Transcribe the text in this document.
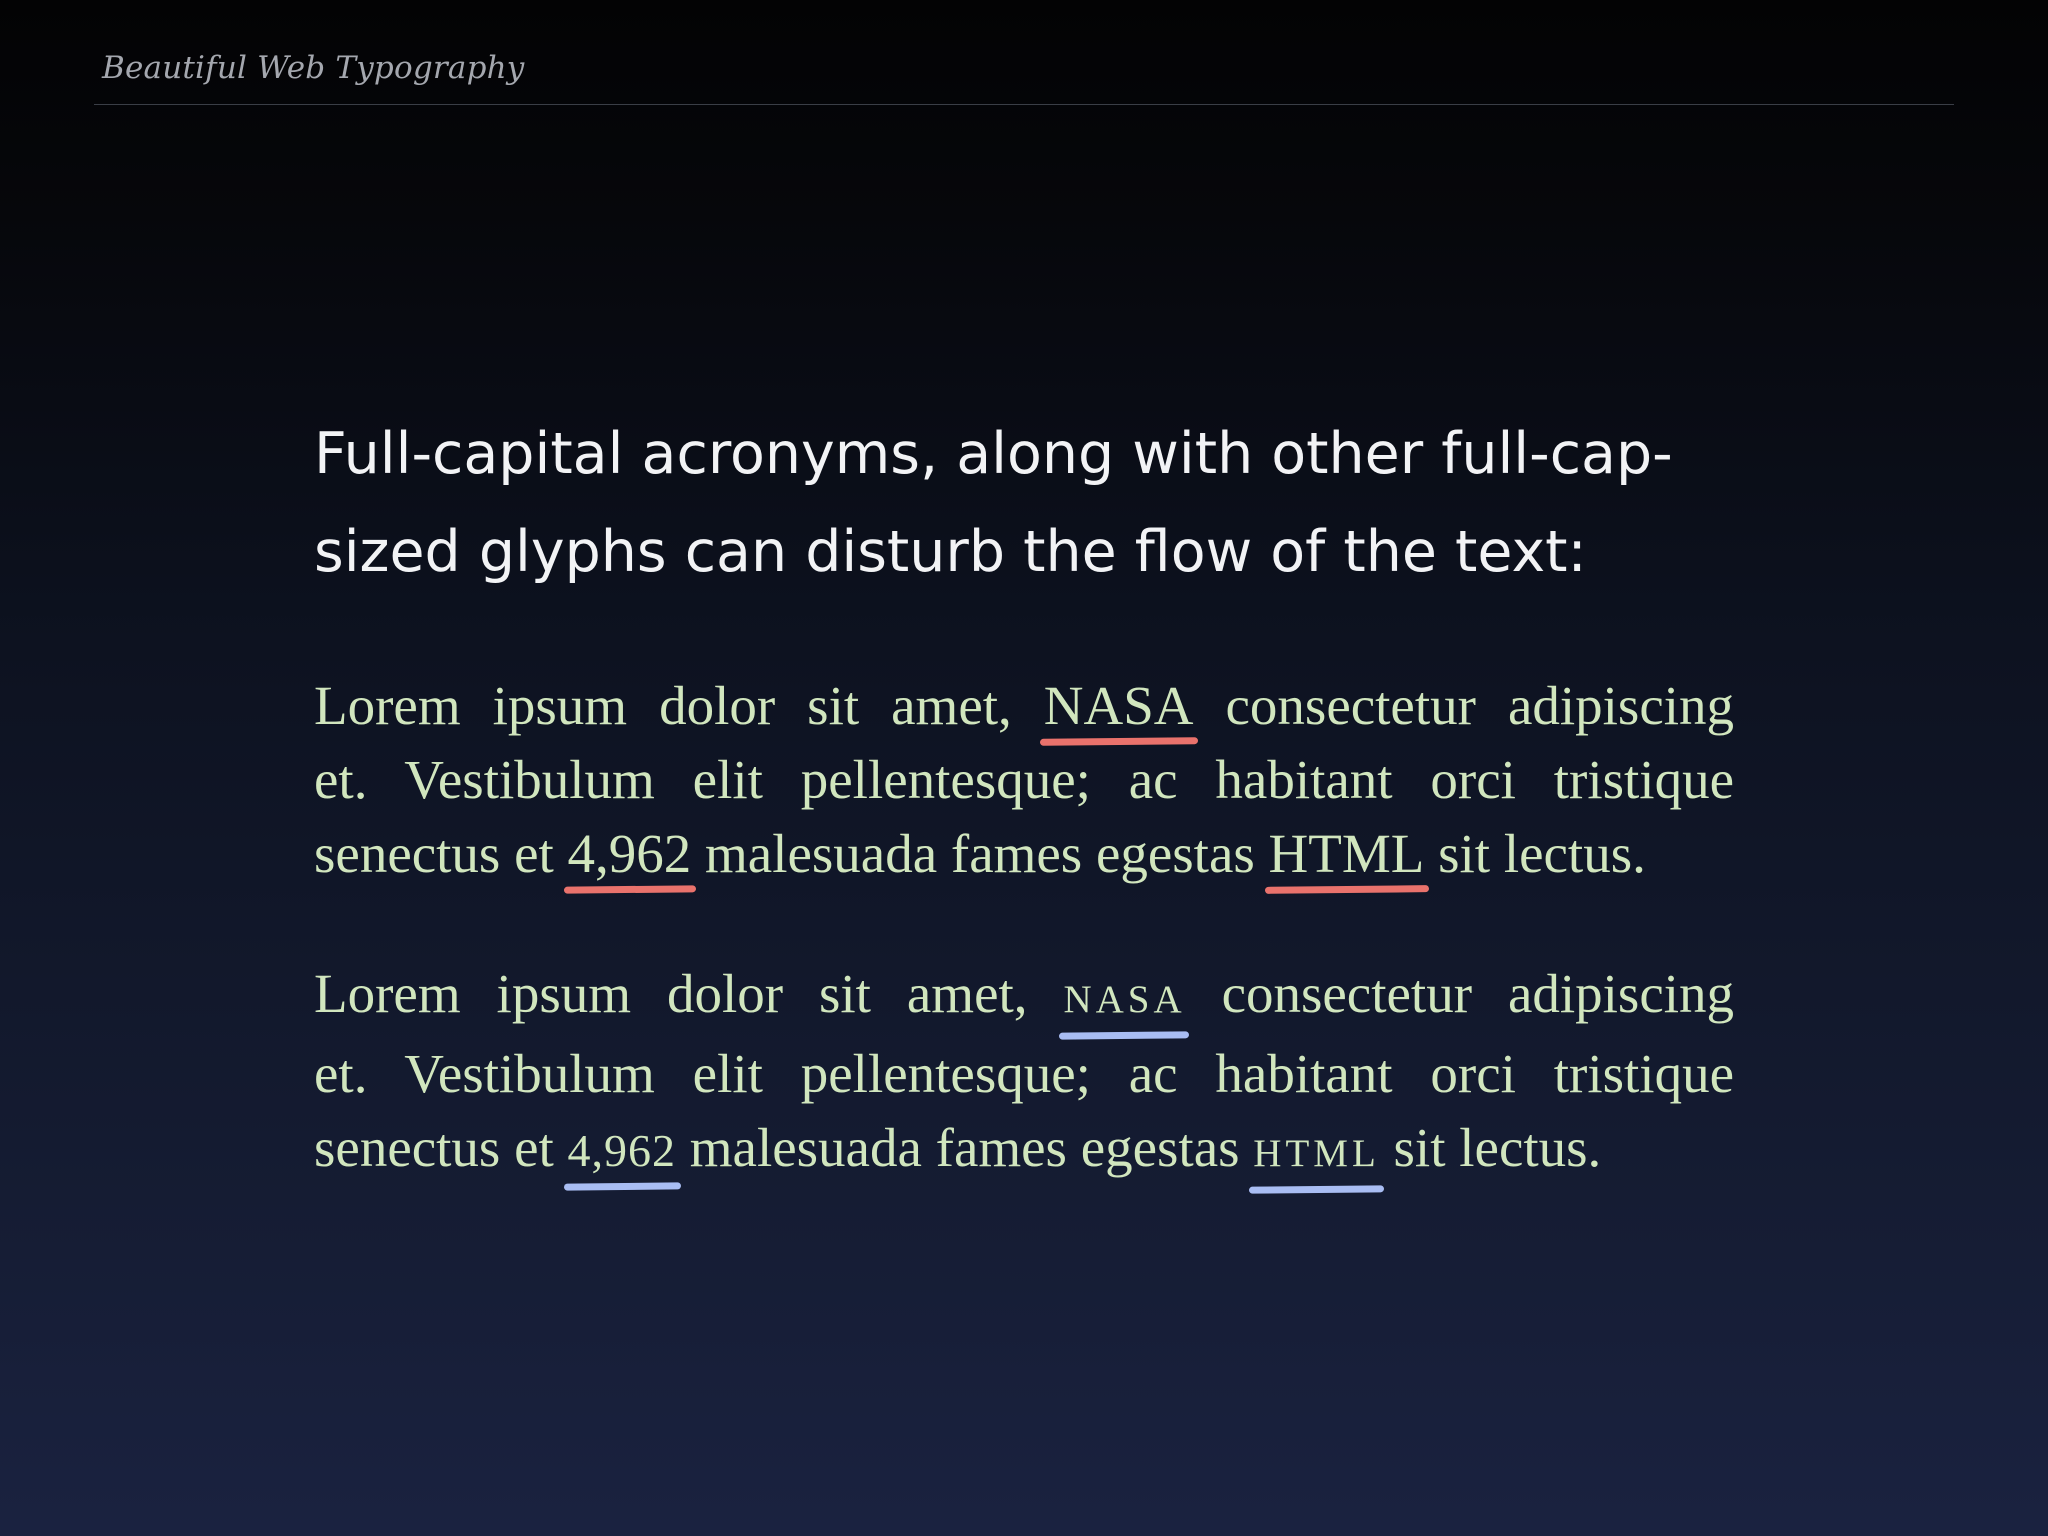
Beautiful Web Typography
Full-capital acronyms, along with other full-cap-
sized glyphs can disturb the flow of the text:
Lorem ipsum dolor sit amet, NASA consectetur adipiscing
et. Vestibulum elit pellentesque; ac habitant orci tristique
senectus et 4,962 malesuada fames egestas HTML sit lectus.
Lorem ipsum dolor sit amet, NASA consectetur adipiscing
et. Vestibulum elit pellentesque; ac habitant orci tristique
senectus et 4,962 malesuada fames egestas HTML sit lectus.
